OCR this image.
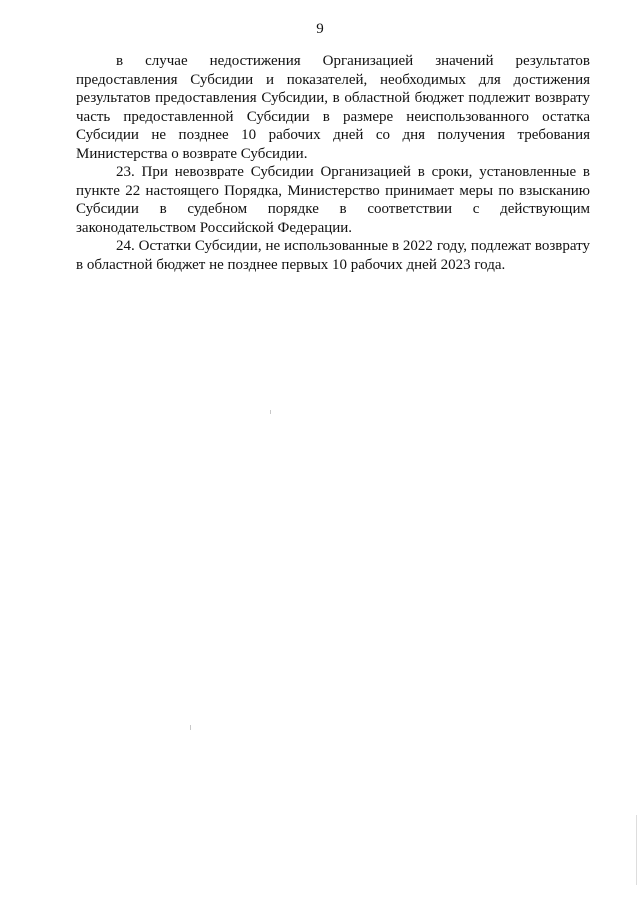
9

в случае недостижения Организацией значений результатов предоставления Субсидии и показателей, необходимых для достижения результатов предоставления Субсидии, в областной бюджет подлежит возврату часть предоставленной Субсидии в размере неиспользованного остатка Субсидии не позднее 10 рабочих дней со дня получения требования Министерства о возврате Субсидии.

23. При невозврате Субсидии Организацией в сроки, установленные в пункте 22 настоящего Порядка, Министерство принимает меры по взысканию Субсидии в судебном порядке в соответствии с действующим законодательством Российской Федерации.

24. Остатки Субсидии, не использованные в 2022 году, подлежат возврату в областной бюджет не позднее первых 10 рабочих дней 2023 года.
